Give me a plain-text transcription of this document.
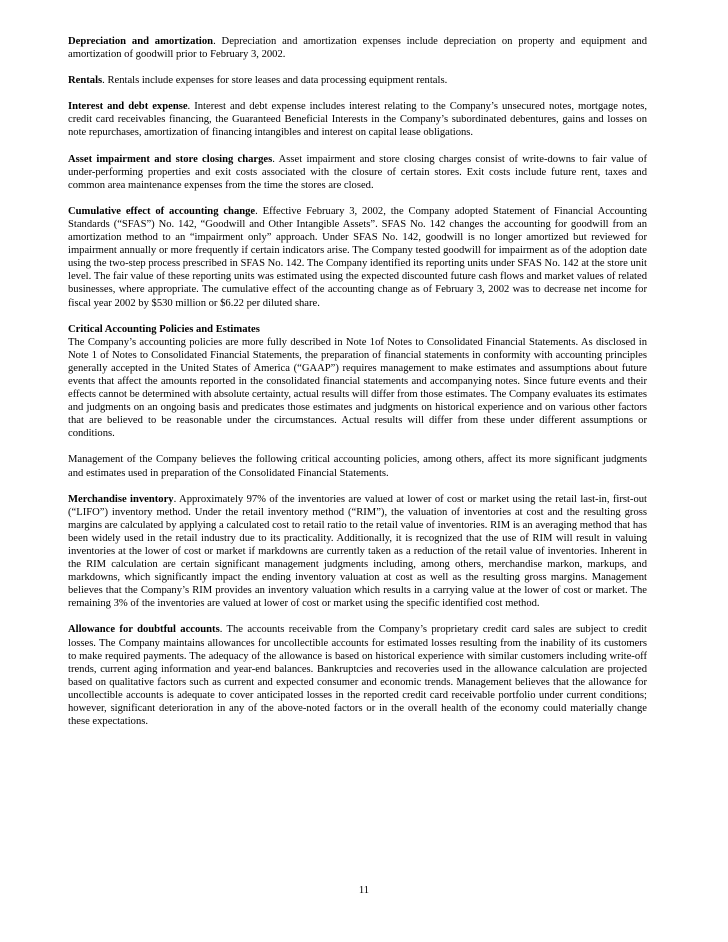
Depreciation and amortization. Depreciation and amortization expenses include depreciation on property and equipment and amortization of goodwill prior to February 3, 2002.

Rentals. Rentals include expenses for store leases and data processing equipment rentals.

Interest and debt expense. Interest and debt expense includes interest relating to the Company’s unsecured notes, mortgage notes, credit card receivables financing, the Guaranteed Beneficial Interests in the Company’s subordinated debentures, gains and losses on note repurchases, amortization of financing intangibles and interest on capital lease obligations.

Asset impairment and store closing charges. Asset impairment and store closing charges consist of write-downs to fair value of under-performing properties and exit costs associated with the closure of certain stores. Exit costs include future rent, taxes and common area maintenance expenses from the time the stores are closed.

Cumulative effect of accounting change. Effective February 3, 2002, the Company adopted Statement of Financial Accounting Standards (“SFAS”) No. 142, “Goodwill and Other Intangible Assets”. SFAS No. 142 changes the accounting for goodwill from an amortization method to an “impairment only” approach. Under SFAS No. 142, goodwill is no longer amortized but reviewed for impairment annually or more frequently if certain indicators arise. The Company tested goodwill for impairment as of the adoption date using the two-step process prescribed in SFAS No. 142. The Company identified its reporting units under SFAS No. 142 at the store unit level. The fair value of these reporting units was estimated using the expected discounted future cash flows and market values of related businesses, where appropriate. The cumulative effect of the accounting change as of February 3, 2002 was to decrease net income for fiscal year 2002 by $530 million or $6.22 per diluted share.

Critical Accounting Policies and Estimates
The Company’s accounting policies are more fully described in Note 1of Notes to Consolidated Financial Statements. As disclosed in Note 1 of Notes to Consolidated Financial Statements, the preparation of financial statements in conformity with accounting principles generally accepted in the United States of America (“GAAP”) requires management to make estimates and assumptions about future events that affect the amounts reported in the consolidated financial statements and accompanying notes. Since future events and their effects cannot be determined with absolute certainty, actual results will differ from those estimates. The Company evaluates its estimates and judgments on an ongoing basis and predicates those estimates and judgments on historical experience and on various other factors that are believed to be reasonable under the circumstances. Actual results will differ from these under different assumptions or conditions.

Management of the Company believes the following critical accounting policies, among others, affect its more significant judgments and estimates used in preparation of the Consolidated Financial Statements.

Merchandise inventory. Approximately 97% of the inventories are valued at lower of cost or market using the retail last-in, first-out (“LIFO”) inventory method. Under the retail inventory method (“RIM”), the valuation of inventories at cost and the resulting gross margins are calculated by applying a calculated cost to retail ratio to the retail value of inventories. RIM is an averaging method that has been widely used in the retail industry due to its practicality. Additionally, it is recognized that the use of RIM will result in valuing inventories at the lower of cost or market if markdowns are currently taken as a reduction of the retail value of inventories. Inherent in the RIM calculation are certain significant management judgments including, among others, merchandise markon, markups, and markdowns, which significantly impact the ending inventory valuation at cost as well as the resulting gross margins. Management believes that the Company’s RIM provides an inventory valuation which results in a carrying value at the lower of cost or market. The remaining 3% of the inventories are valued at lower of cost or market using the specific identified cost method.

Allowance for doubtful accounts. The accounts receivable from the Company’s proprietary credit card sales are subject to credit losses. The Company maintains allowances for uncollectible accounts for estimated losses resulting from the inability of its customers to make required payments. The adequacy of the allowance is based on historical experience with similar customers including write-off trends, current aging information and year-end balances. Bankruptcies and recoveries used in the allowance calculation are projected based on qualitative factors such as current and expected consumer and economic trends. Management believes that the allowance for uncollectible accounts is adequate to cover anticipated losses in the reported credit card receivable portfolio under current conditions; however, significant deterioration in any of the above-noted factors or in the overall health of the economy could materially change these expectations.

11
